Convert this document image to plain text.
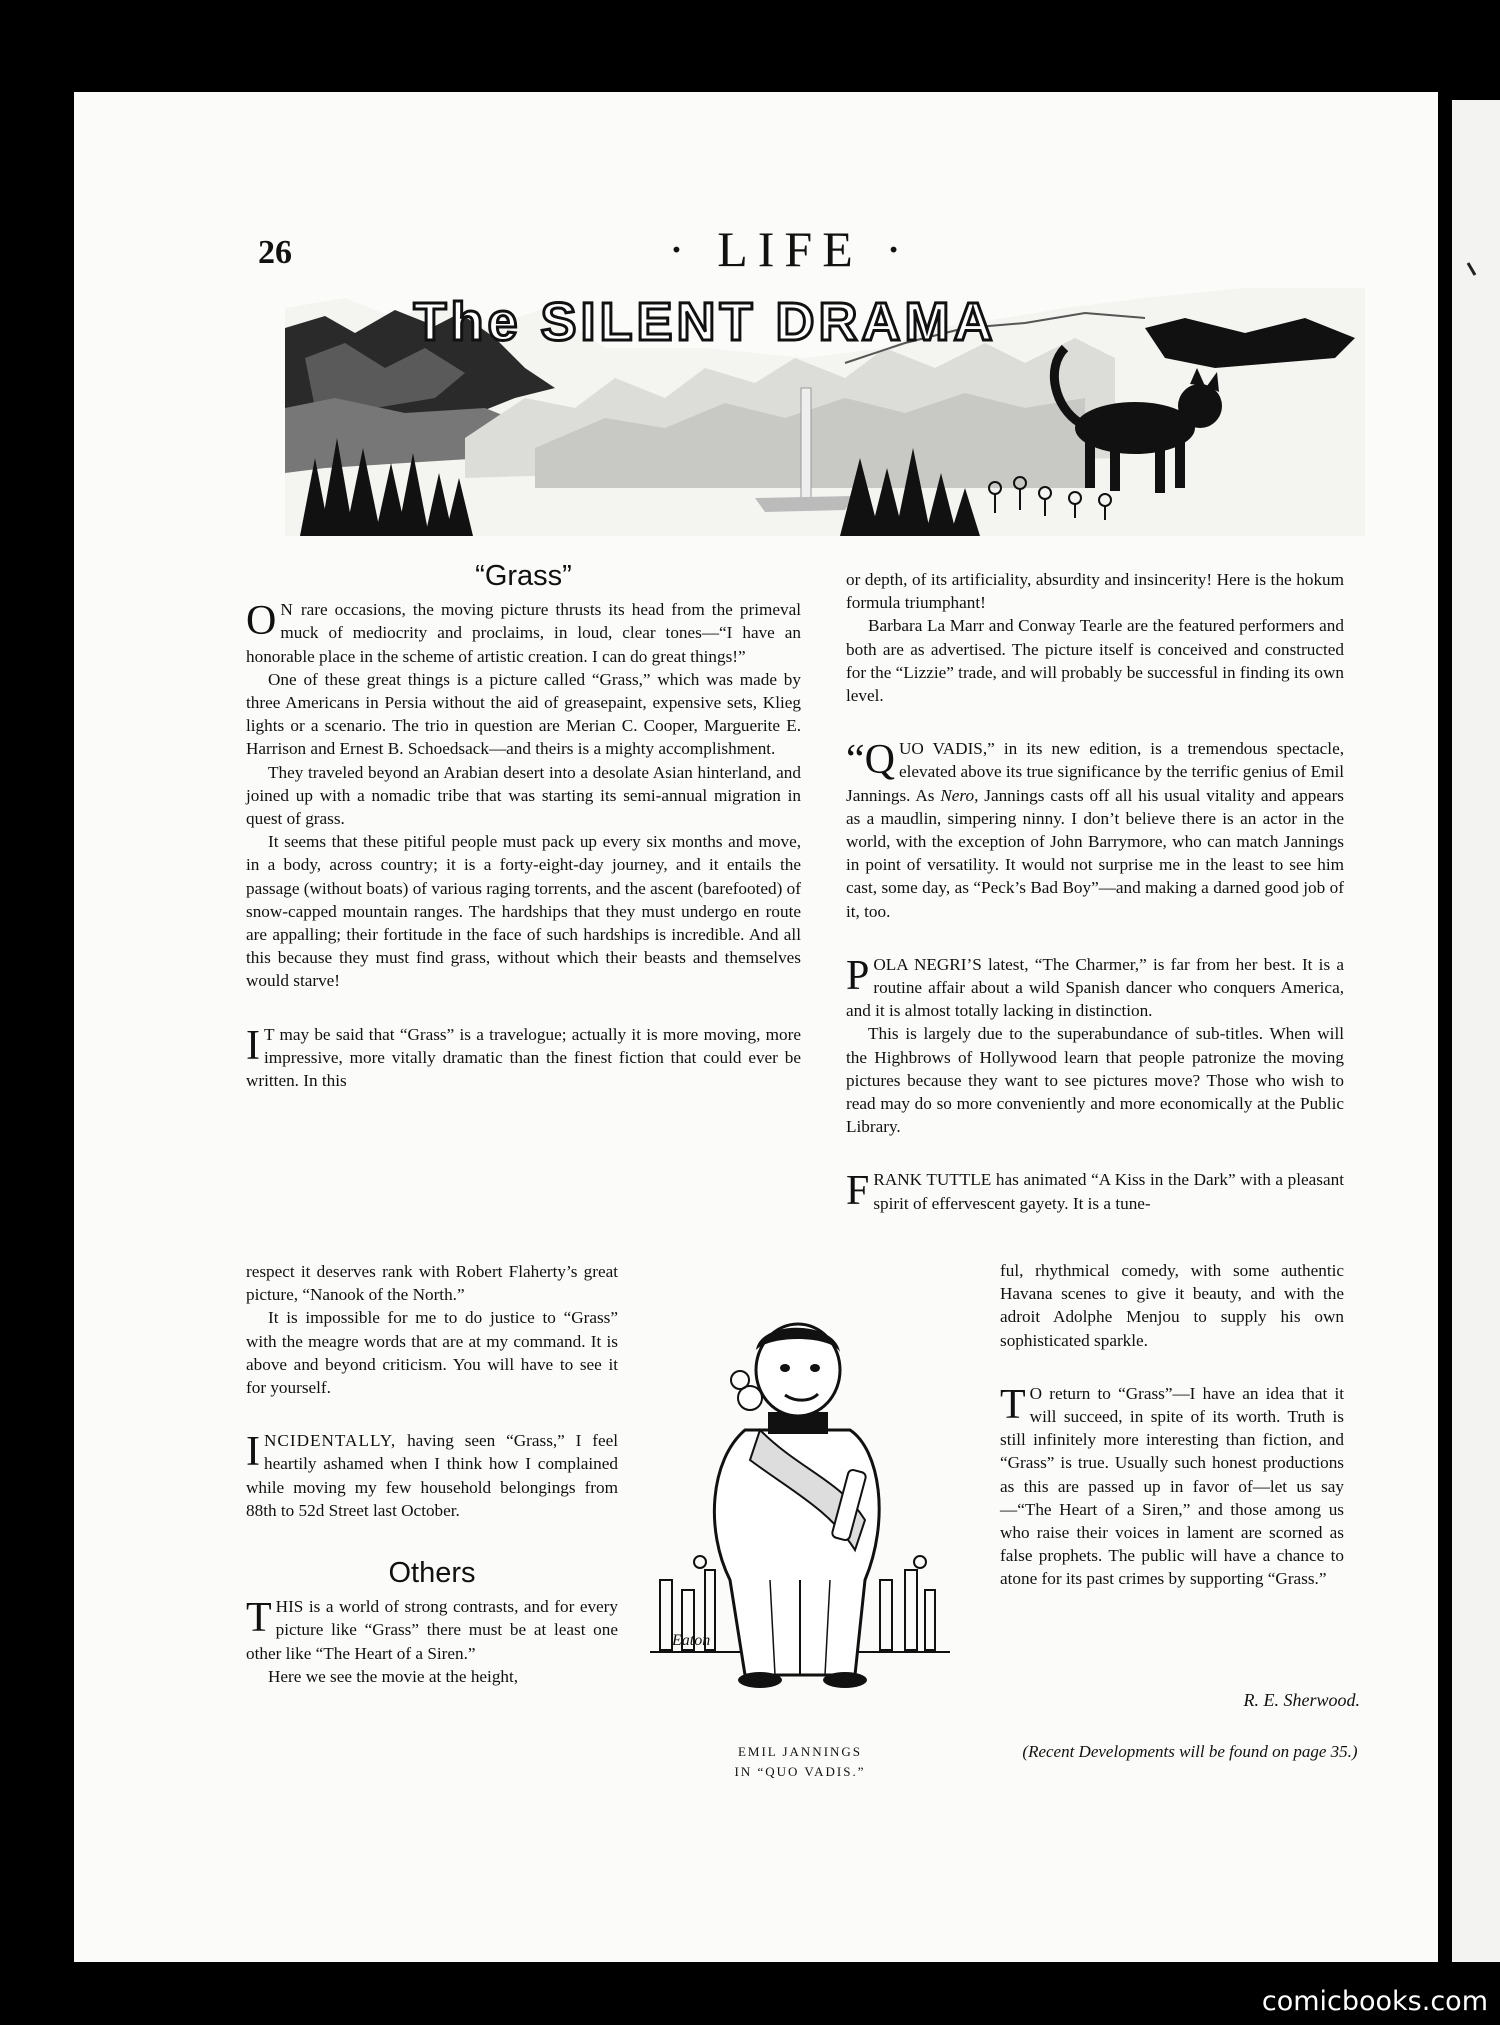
26	· LIFE ·
The SILENT DRAMA
“Grass”

O N rare occasions, the moving picture thrusts its head from the primeval muck of mediocrity and proclaims, in loud, clear tones—“I have an honorable place in the scheme of artistic creation. I can do great things!”

One of these great things is a picture called “Grass,” which was made by three Americans in Persia without the aid of greasepaint, expensive sets, Klieg lights or a scenario. The trio in question are Merian C. Cooper, Marguerite E. Harrison and Ernest B. Schoedsack—and theirs is a mighty accomplishment.

They traveled beyond an Arabian desert into a desolate Asian hinterland, and joined up with a nomadic tribe that was starting its semi-annual migration in quest of grass.

It seems that these pitiful people must pack up every six months and move, in a body, across country; it is a forty-eight-day journey, and it entails the passage (without boats) of various raging torrents, and the ascent (barefooted) of snow-capped mountain ranges. The hardships that they must undergo en route are appalling; their fortitude in the face of such hardships is incredible. And all this because they must find grass, without which their beasts and themselves would starve!

I T may be said that “Grass” is a travelogue; actually it is more moving, more impressive, more vitally dramatic than the finest fiction that could ever be written. In this

respect it deserves rank with Robert Flaherty’s great picture, “Nanook of the North.”

It is impossible for me to do justice to “Grass” with the meagre words that are at my command. It is above and beyond criticism. You will have to see it for yourself.

INCIDENTALLY, having seen “Grass,” I feel heartily ashamed when I think how I complained while moving my few household belongings from 88th to 52d Street last October.

Others

THIS is a world of strong contrasts, and for every picture like “Grass” there must be at least one other like “The Heart of a Siren.”

Here we see the movie at the height,

or depth, of its artificiality, absurdity and insincerity! Here is the hokum formula triumphant!

Barbara La Marr and Conway Tearle are the featured performers and both are as advertised. The picture itself is conceived and constructed for the “Lizzie” trade, and will probably be successful in finding its own level.

“QUO VADIS,” in its new edition, is a tremendous spectacle, elevated above its true significance by the terrific genius of Emil Jannings. As Nero, Jannings casts off all his usual vitality and appears as a maudlin, simpering ninny. I don’t believe there is an actor in the world, with the exception of John Barrymore, who can match Jannings in point of versatility. It would not surprise me in the least to see him cast, some day, as “Peck’s Bad Boy”—and making a darned good job of it, too.

POLA NEGRI’S latest, “The Charmer,” is far from her best. It is a routine affair about a wild Spanish dancer who conquers America, and it is almost totally lacking in distinction.

This is largely due to the superabundance of sub-titles. When will the Highbrows of Hollywood learn that people patronize the moving pictures because they want to see pictures move? Those who wish to read may do so more conveniently and more economically at the Public Library.

FRANK TUTTLE has animated “A Kiss in the Dark” with a pleasant spirit of effervescent gayety. It is a tune-

ful, rhythmical comedy, with some authentic Havana scenes to give it beauty, and with the adroit Adolphe Menjou to supply his own sophisticated sparkle.

T O return to “Grass”—I have an idea that it will succeed, in spite of its worth. Truth is still infinitely more interesting than fiction, and “Grass” is true. Usually such honest productions as this are passed up in favor of—let us say—“The Heart of a Siren,” and those among us who raise their voices in lament are scorned as false prophets. The public will have a chance to atone for its past crimes by supporting “Grass.”

Eaton
EMIL JANNINGS
IN “QUO VADIS.”
R. E. Sherwood.
(Recent Developments will be found on page 35.)
comicbooks.com
